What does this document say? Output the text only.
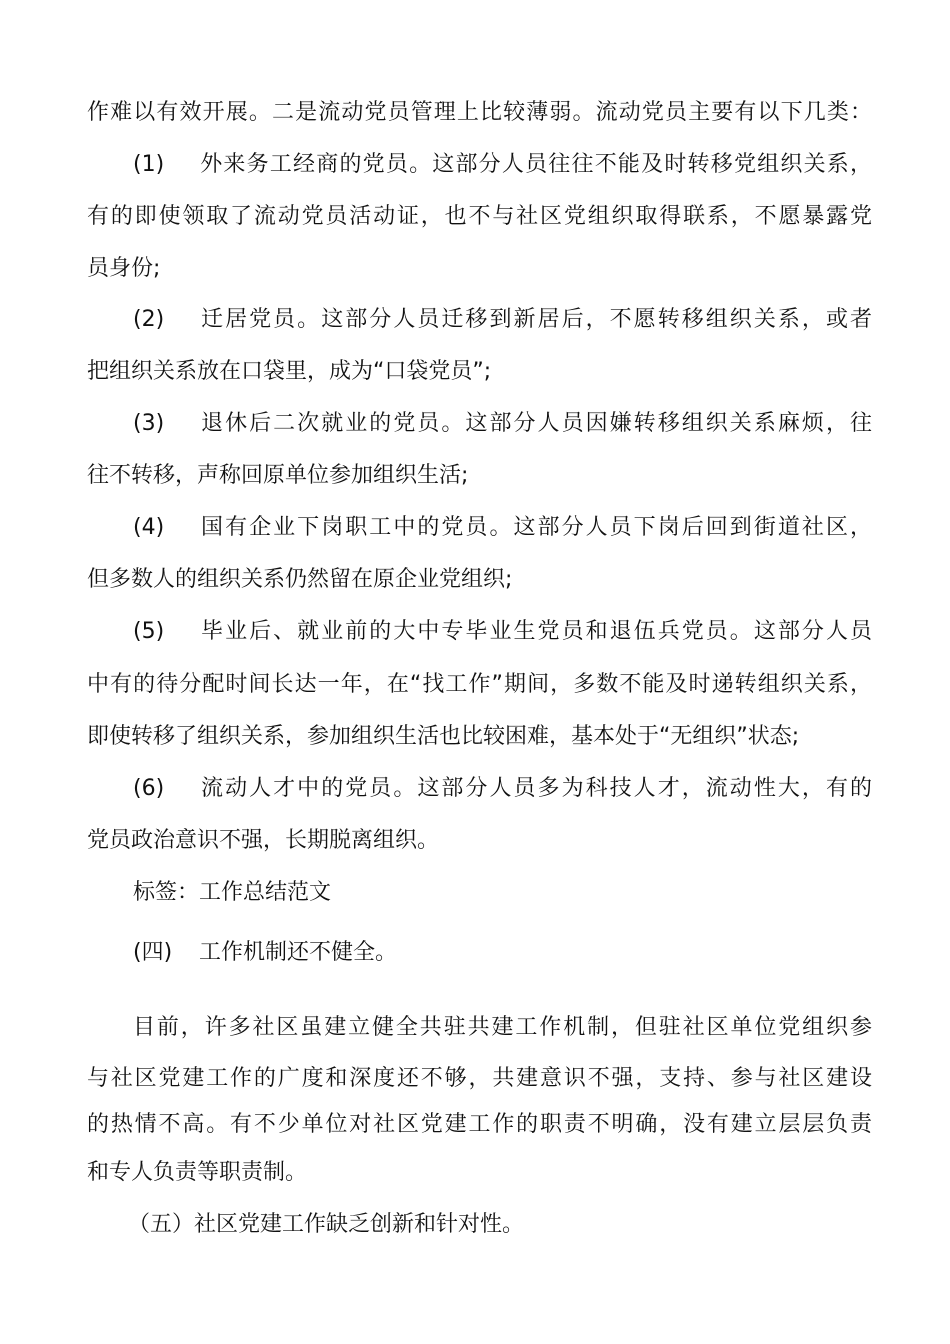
作难以有效开展。二是流动党员管理上比较薄弱。流动党员主要有以下几类：
(1) 外来务工经商的党员。这部分人员往往不能及时转移党组织关系，
有的即使领取了流动党员活动证，也不与社区党组织取得联系，不愿暴露党
员身份;
(2) 迁居党员。这部分人员迁移到新居后，不愿转移组织关系，或者
把组织关系放在口袋里，成为“口袋党员”;
(3) 退休后二次就业的党员。这部分人员因嫌转移组织关系麻烦，往
往不转移，声称回原单位参加组织生活;
(4) 国有企业下岗职工中的党员。这部分人员下岗后回到街道社区，
但多数人的组织关系仍然留在原企业党组织;
(5) 毕业后、就业前的大中专毕业生党员和退伍兵党员。这部分人员
中有的待分配时间长达一年，在“找工作”期间，多数不能及时递转组织关系，
即使转移了组织关系，参加组织生活也比较困难，基本处于“无组织”状态;
(6) 流动人才中的党员。这部分人员多为科技人才，流动性大，有的
党员政治意识不强，长期脱离组织。
标签：工作总结范文
(四) 工作机制还不健全。
目前，许多社区虽建立健全共驻共建工作机制，但驻社区单位党组织参
与社区党建工作的广度和深度还不够，共建意识不强，支持、参与社区建设
的热情不高。有不少单位对社区党建工作的职责不明确，没有建立层层负责
和专人负责等职责制。
（五）社区党建工作缺乏创新和针对性。
